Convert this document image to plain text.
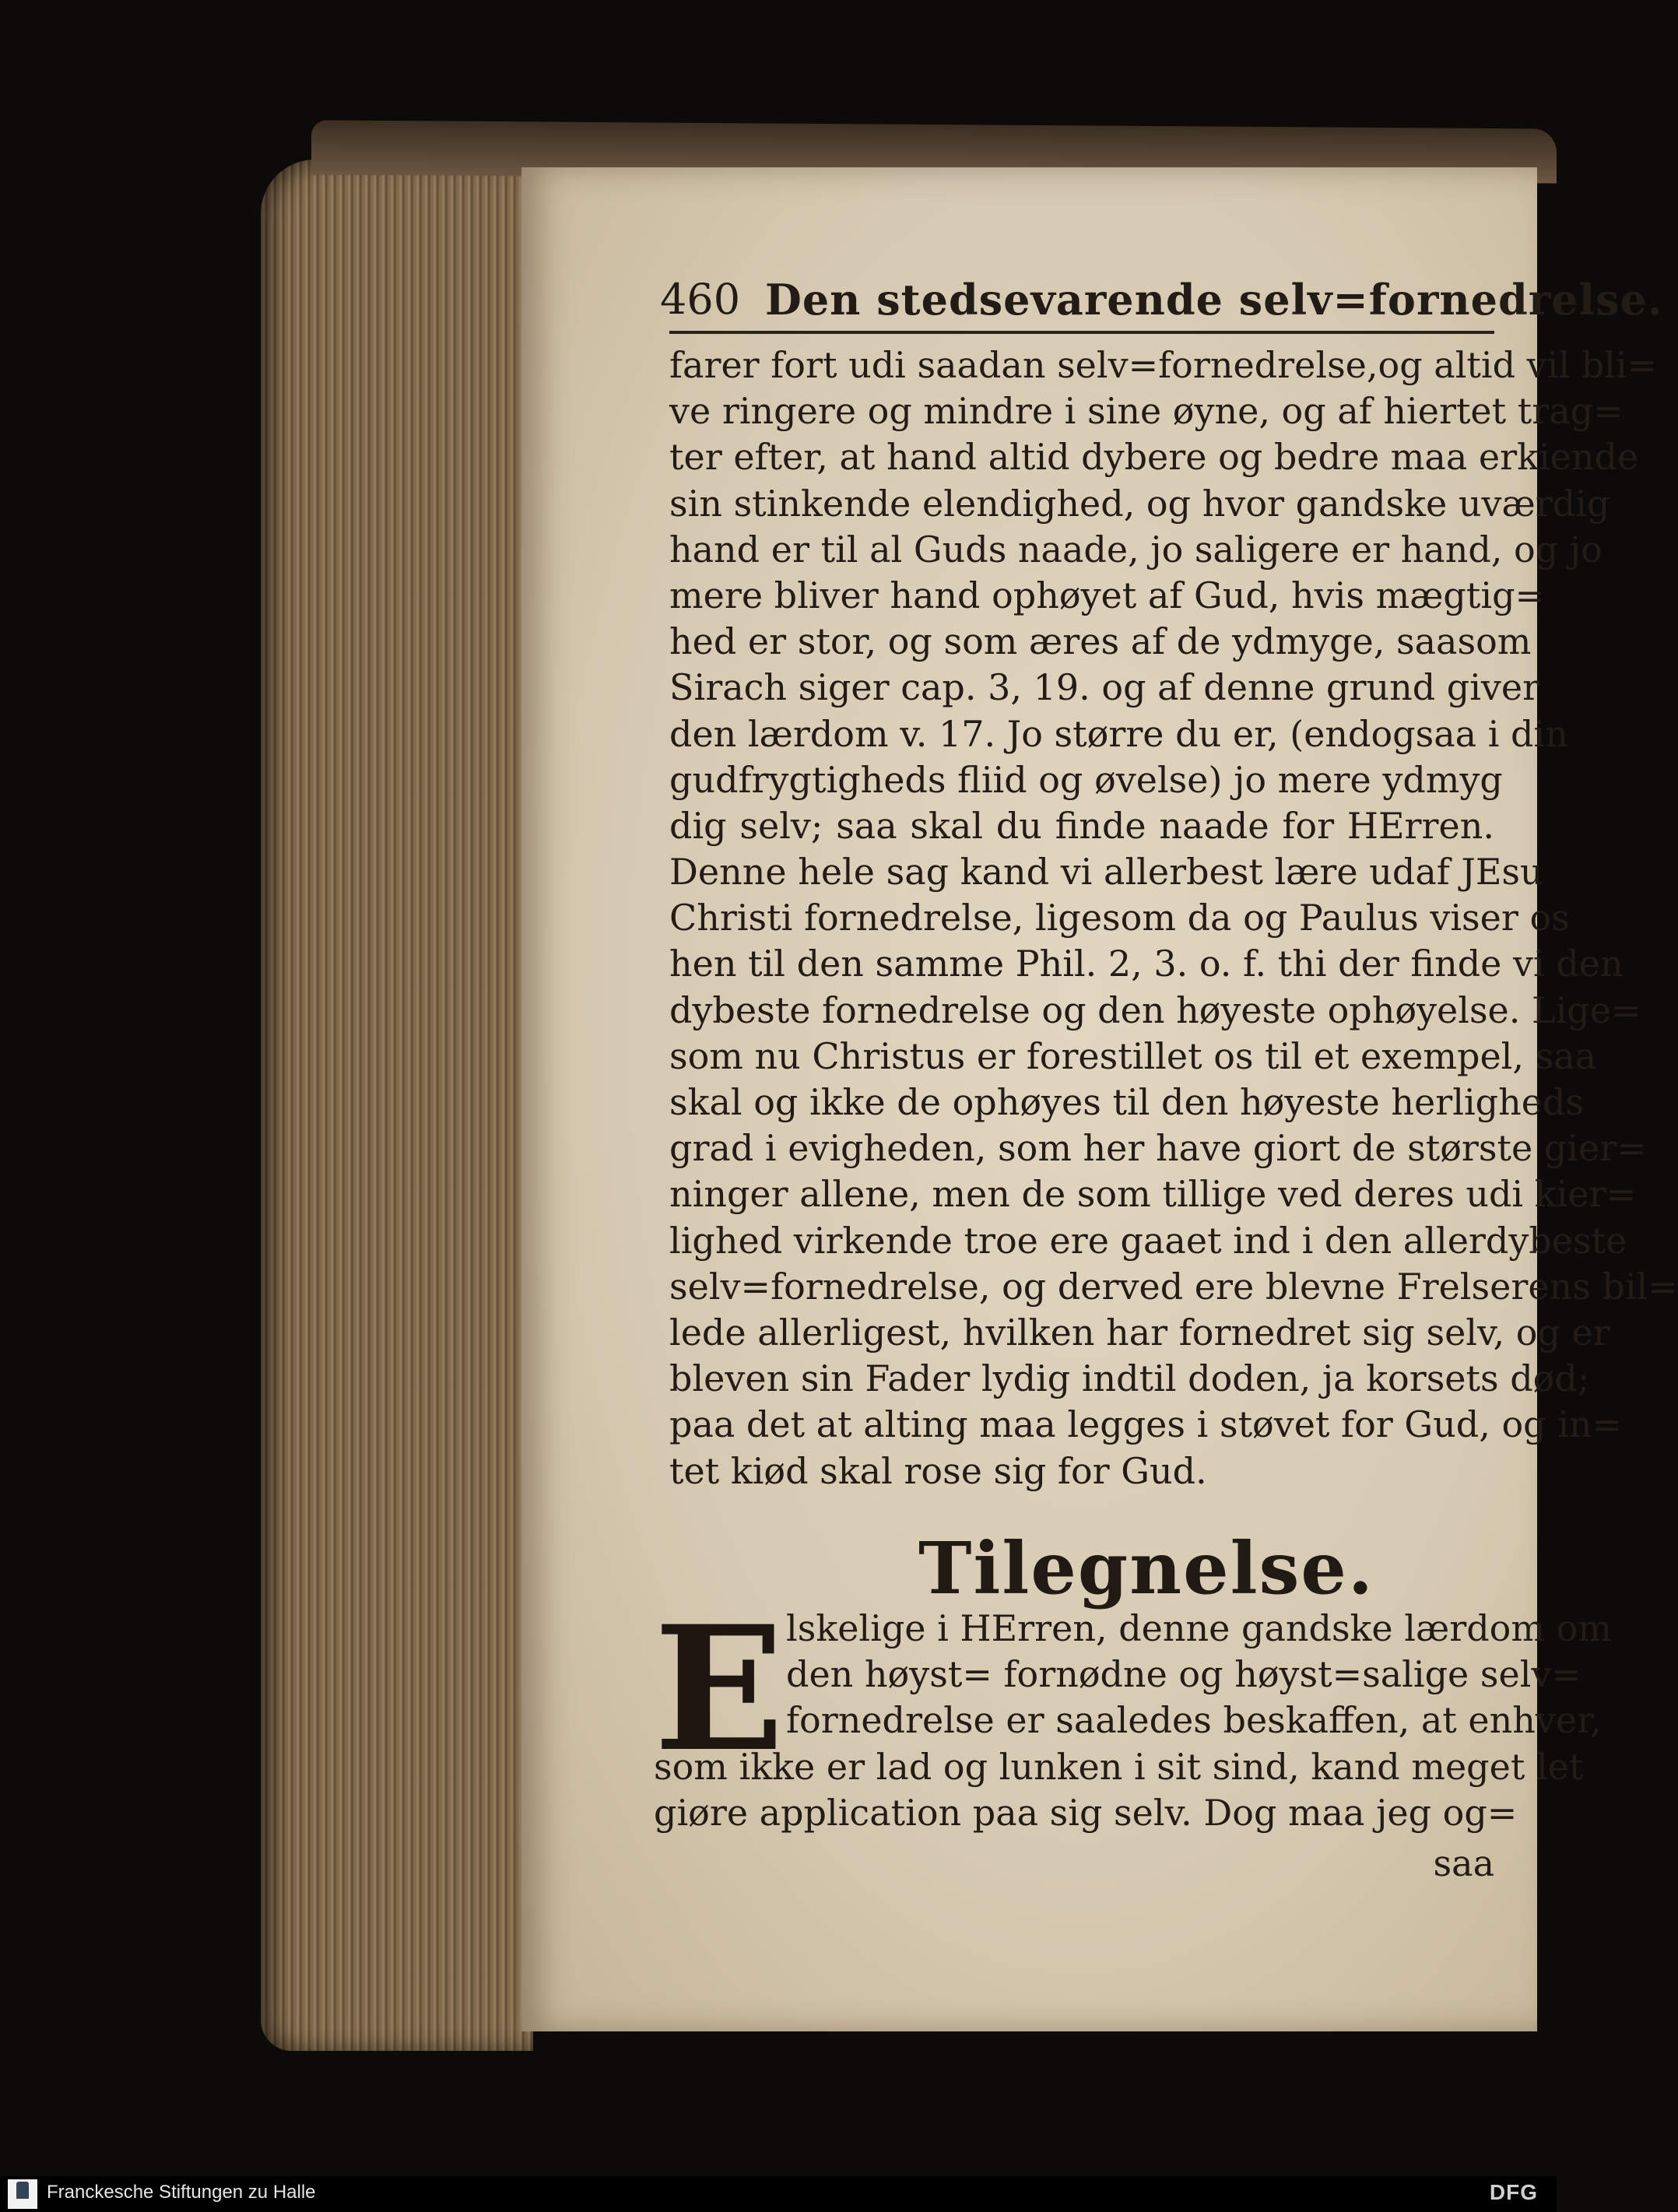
460 Den stedsevarende selv=fornedrelse.
farer fort udi saadan selv=fornedrelse,og altid vil bli=
ve ringere og mindre i sine øyne, og af hiertet trag=
ter efter, at hand altid dybere og bedre maa erkiende
sin stinkende elendighed, og hvor gandske uværdig
hand er til al Guds naade, jo saligere er hand, og jo
mere bliver hand ophøyet af Gud, hvis mægtig=
hed er stor, og som æres af de ydmyge, saasom
Sirach siger cap. 3, 19. og af denne grund giver
den lærdom v. 17. Jo større du er, (endogsaa i din
gudfrygtigheds fliid og øvelse) jo mere ydmyg
dig selv; saa skal du finde naade for HErren.
Denne hele sag kand vi allerbest lære udaf JEsu
Christi fornedrelse, ligesom da og Paulus viser os
hen til den samme Phil. 2, 3. o. f. thi der finde vi den
dybeste fornedrelse og den høyeste ophøyelse. Lige=
som nu Christus er forestillet os til et exempel, saa
skal og ikke de ophøyes til den høyeste herligheds
grad i evigheden, som her have giort de største gier=
ninger allene, men de som tillige ved deres udi kier=
lighed virkende troe ere gaaet ind i den allerdybeste
selv=fornedrelse, og derved ere blevne Frelserens bil=
lede allerligest, hvilken har fornedret sig selv, og er
bleven sin Fader lydig indtil doden, ja korsets død;
paa det at alting maa legges i støvet for Gud, og in=
tet kiød skal rose sig for Gud.
Tilegnelse.
E lskelige i HErren, denne gandske lærdom om
den høyst= fornødne og høyst=salige selv=
fornedrelse er saaledes beskaffen, at enhver,
som ikke er lad og lunken i sit sind, kand meget let
giøre application paa sig selv. Dog maa jeg og=
saa
Franckesche Stiftungen zu Halle	DFG
